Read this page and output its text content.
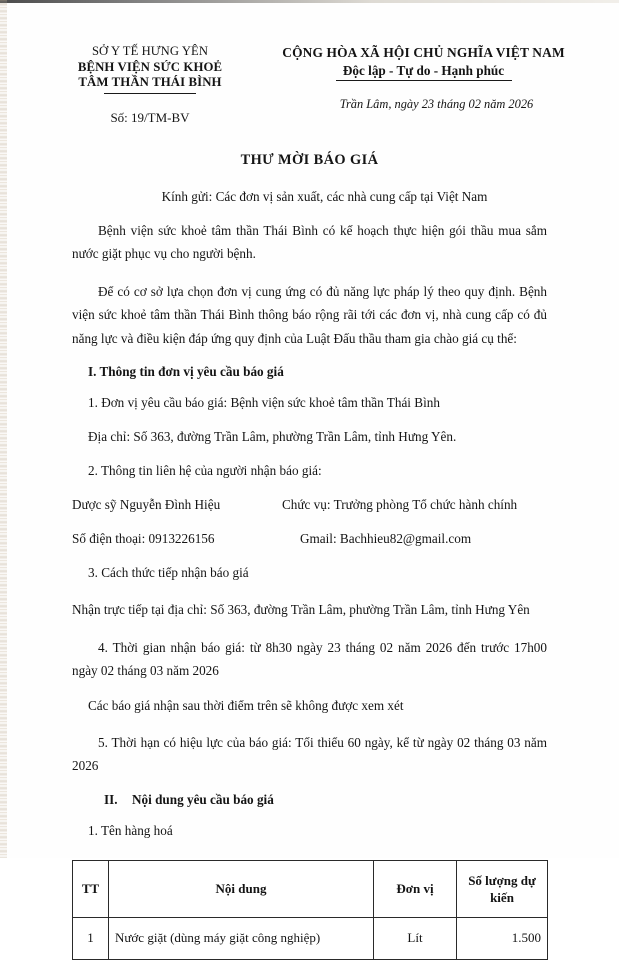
SỞ Y TẾ HƯNG YÊN
BỆNH VIỆN SỨC KHOẺ
TÂM THẦN THÁI BÌNH
Số: 19/TM-BV
CỘNG HÒA XÃ HỘI CHỦ NGHĨA VIỆT NAM
Độc lập - Tự do - Hạnh phúc
Trần Lâm, ngày 23 tháng 02 năm 2026
THƯ MỜI BÁO GIÁ
Kính gửi: Các đơn vị sản xuất, các nhà cung cấp tại Việt Nam

Bệnh viện sức khoẻ tâm thần Thái Bình có kế hoạch thực hiện gói thầu mua sắm nước giặt phục vụ cho người bệnh.

Để có cơ sở lựa chọn đơn vị cung ứng có đủ năng lực pháp lý theo quy định. Bệnh viện sức khoẻ tâm thần Thái Bình thông báo rộng rãi tới các đơn vị, nhà cung cấp có đủ năng lực và điều kiện đáp ứng quy định của Luật Đấu thầu tham gia chào giá cụ thể:

I. Thông tin đơn vị yêu cầu báo giá

1. Đơn vị yêu cầu báo giá: Bệnh viện sức khoẻ tâm thần Thái Bình

Địa chỉ: Số 363, đường Trần Lâm, phường Trần Lâm, tỉnh Hưng Yên.

2. Thông tin liên hệ của người nhận báo giá:

Dược sỹ Nguyễn Đình Hiệu	Chức vụ: Trưởng phòng Tổ chức hành chính
Số điện thoại: 0913226156	Gmail: Bachhieu82@gmail.com

3. Cách thức tiếp nhận báo giá

Nhận trực tiếp tại địa chỉ: Số 363, đường Trần Lâm, phường Trần Lâm, tỉnh Hưng Yên

4. Thời gian nhận báo giá: từ 8h30 ngày 23 tháng 02 năm 2026 đến trước 17h00 ngày 02 tháng 03 năm 2026

Các báo giá nhận sau thời điểm trên sẽ không được xem xét

5. Thời hạn có hiệu lực của báo giá: Tối thiểu 60 ngày, kể từ ngày 02 tháng 03 năm 2026

II. Nội dung yêu cầu báo giá

1. Tên hàng hoá

TT	Nội dung	Đơn vị	Số lượng dự kiến
1	Nước giặt (dùng máy giặt công nghiệp)	Lít	1.500
